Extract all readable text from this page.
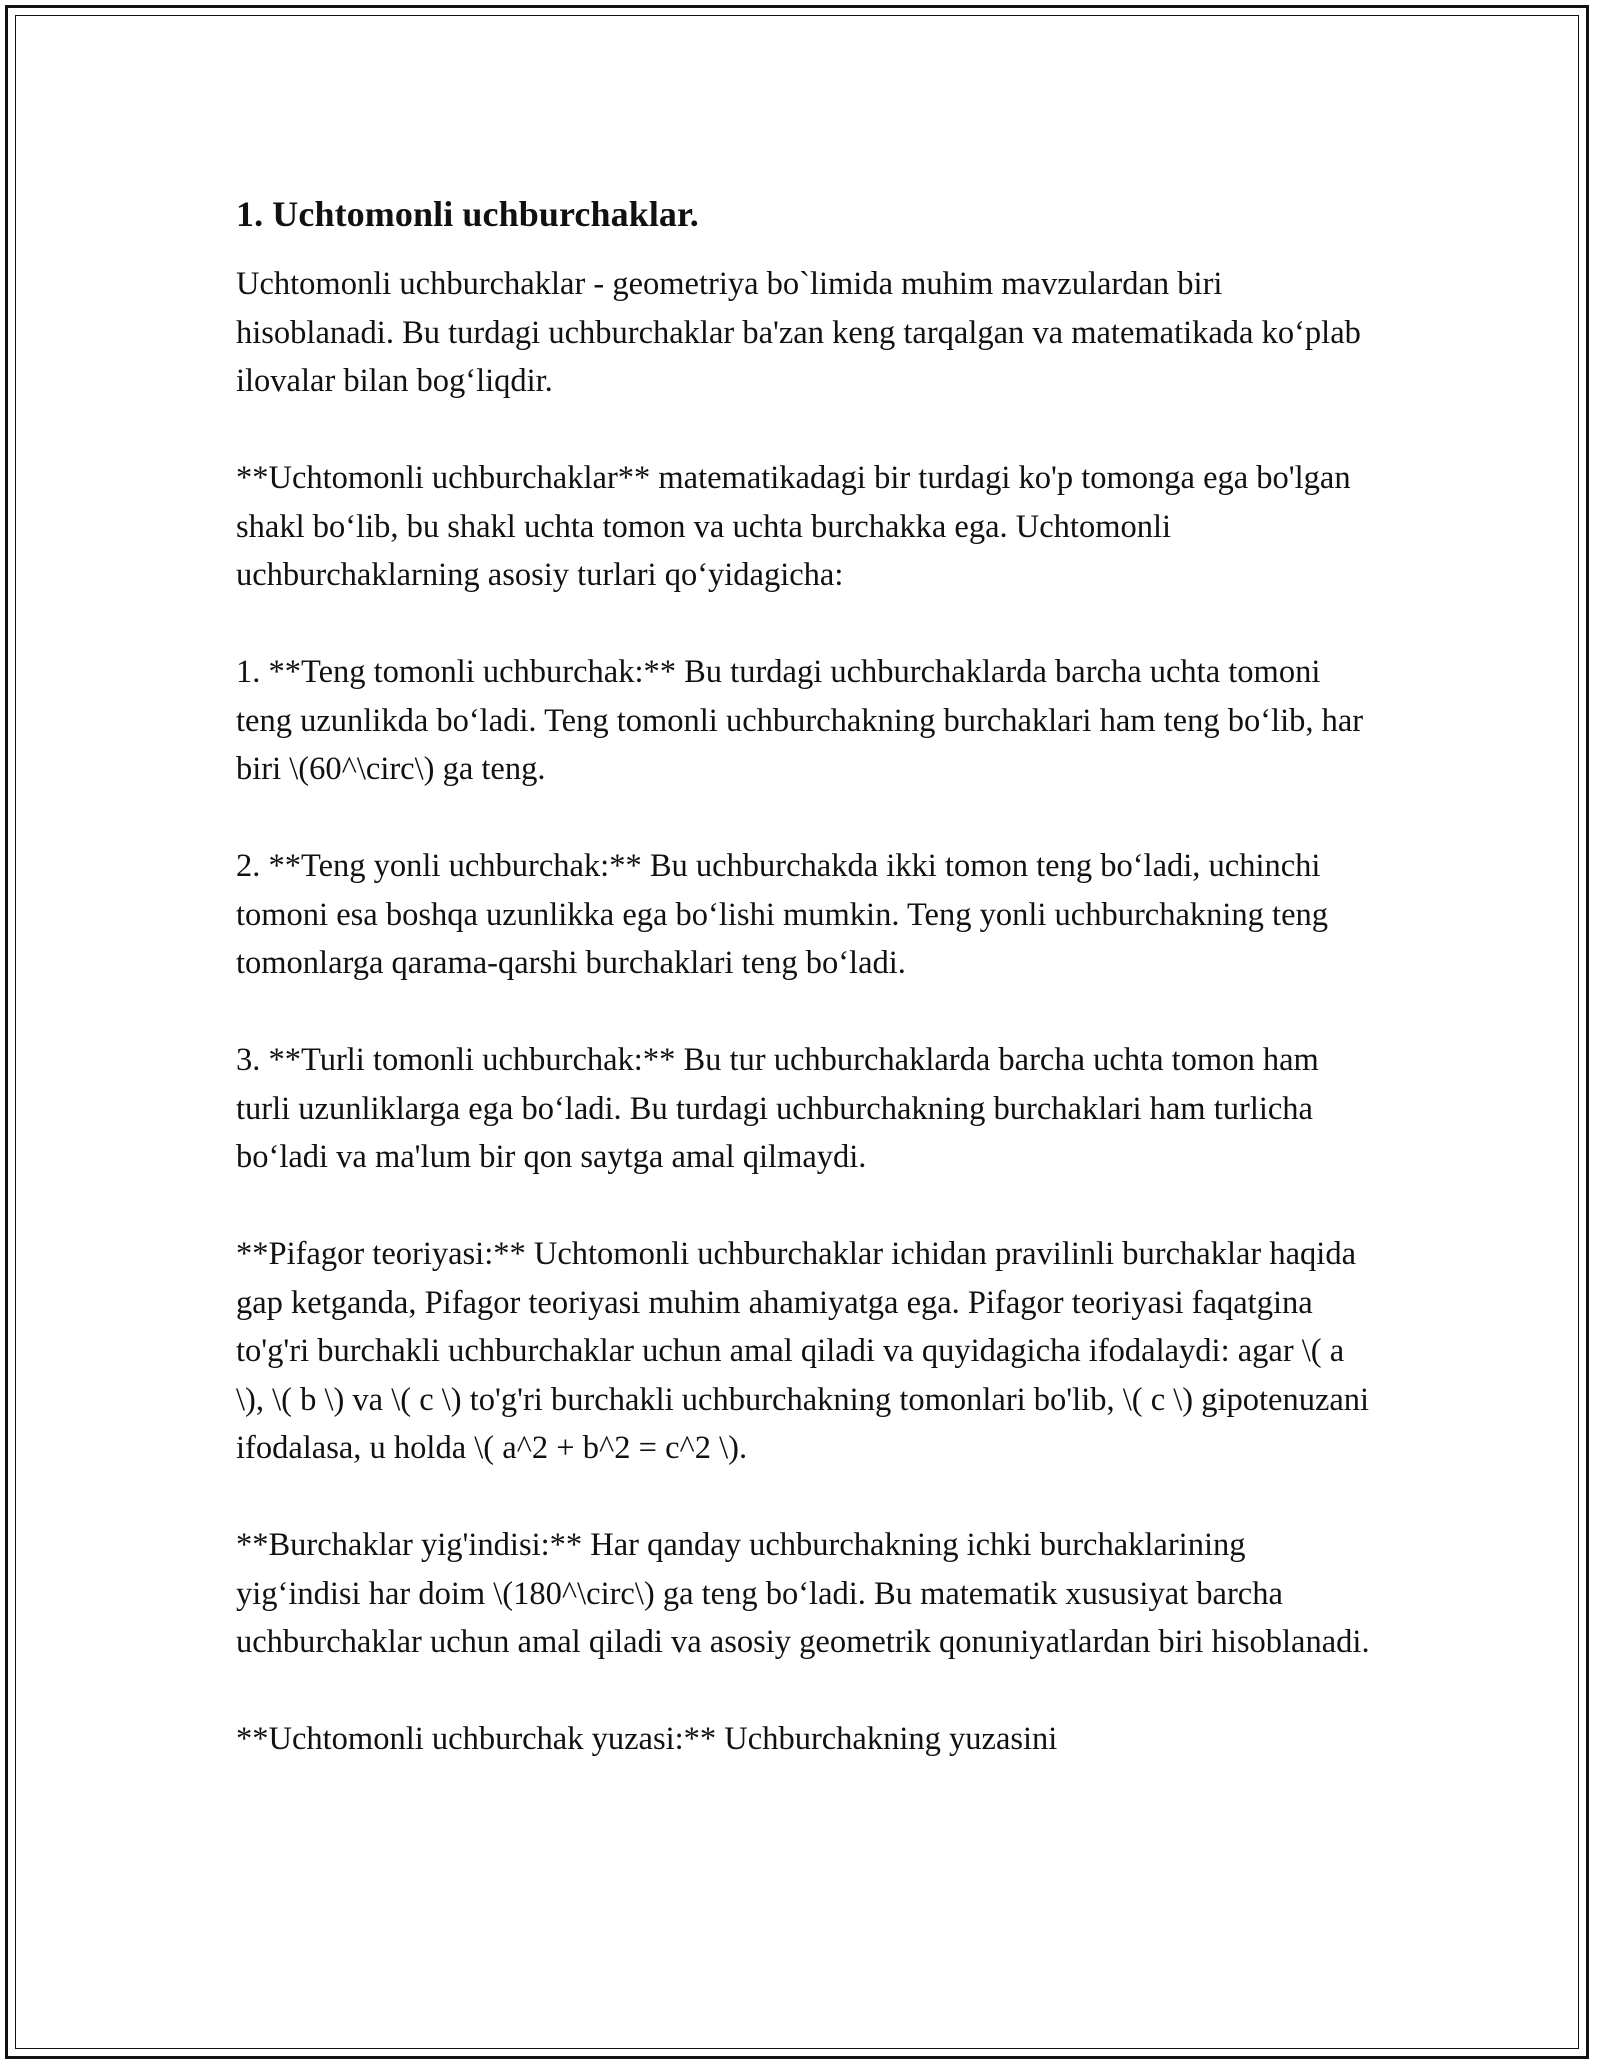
1. Uchtomonli uchburchaklar.

Uchtomonli uchburchaklar - geometriya bo`limida muhim mavzulardan biri hisoblanadi. Bu turdagi uchburchaklar ba'zan keng tarqalgan va matematikada ko‘plab ilovalar bilan bog‘liqdir.

**Uchtomonli uchburchaklar** matematikadagi bir turdagi ko'p tomonga ega bo'lgan shakl bo‘lib, bu shakl uchta tomon va uchta burchakka ega. Uchtomonli uchburchaklarning asosiy turlari qo‘yidagicha:

1. **Teng tomonli uchburchak:** Bu turdagi uchburchaklarda barcha uchta tomoni teng uzunlikda bo‘ladi. Teng tomonli uchburchakning burchaklari ham teng bo‘lib, har biri \(60^\circ\) ga teng.

2. **Teng yonli uchburchak:** Bu uchburchakda ikki tomon teng bo‘ladi, uchinchi tomoni esa boshqa uzunlikka ega bo‘lishi mumkin. Teng yonli uchburchakning teng tomonlarga qarama-qarshi burchaklari teng bo‘ladi.

3. **Turli tomonli uchburchak:** Bu tur uchburchaklarda barcha uchta tomon ham turli uzunliklarga ega bo‘ladi. Bu turdagi uchburchakning burchaklari ham turlicha bo‘ladi va ma'lum bir qon saytga amal qilmaydi.

**Pifagor teoriyasi:** Uchtomonli uchburchaklar ichidan pravilinli burchaklar haqida gap ketganda, Pifagor teoriyasi muhim ahamiyatga ega. Pifagor teoriyasi faqatgina to'g'ri burchakli uchburchaklar uchun amal qiladi va quyidagicha ifodalaydi: agar \( a \), \( b \) va \( c \) to'g'ri burchakli uchburchakning tomonlari bo'lib, \( c \) gipotenuzani ifodalasa, u holda \( a^2 + b^2 = c^2 \).

**Burchaklar yig'indisi:** Har qanday uchburchakning ichki burchaklarining yig‘indisi har doim \(180^\circ\) ga teng bo‘ladi. Bu matematik xususiyat barcha uchburchaklar uchun amal qiladi va asosiy geometrik qonuniyatlardan biri hisoblanadi.

**Uchtomonli uchburchak yuzasi:** Uchburchakning yuzasini
